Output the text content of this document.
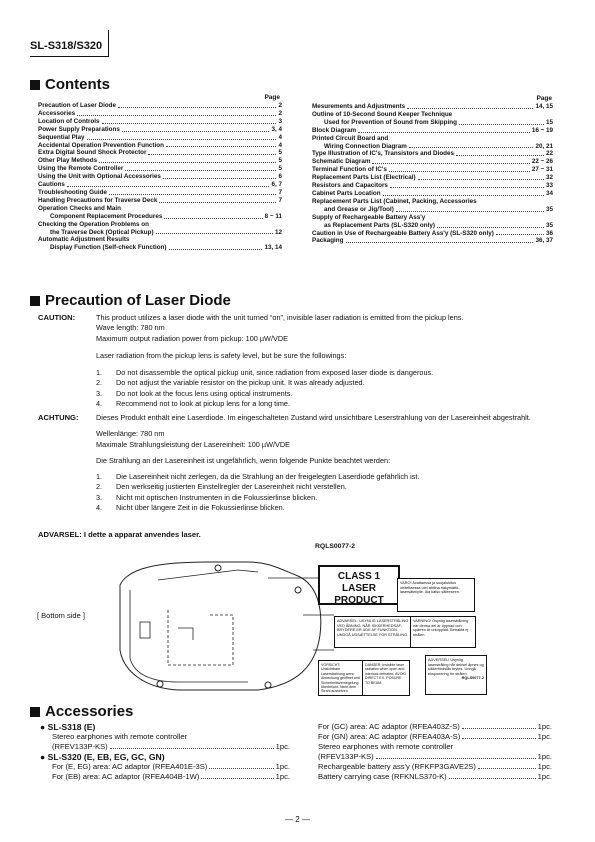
SL-S318/S320
Contents
Page	Page
Precaution of Laser Diode	2
Accessories	2
Location of Controls	3
Power Supply Preparations	3, 4
Sequential Play	4
Accidental Operation Prevention Function	4
Extra Digital Sound Shock Protector	5
Other Play Methods	5
Using the Remote Controller	5
Using the Unit with Optional Accessories	6
Cautions	6, 7
Troubleshooting Guide	7
Handling Precautions for Traverse Deck	7
Operation Checks and Main
Component Replacement Procedures	8 ~ 11
Checking the Operation Problems on
the Traverse Deck (Optical Pickup)	12
Automatic Adjustment Results
Display Function (Self-check Function)	13, 14
Mesurements and Adjustments	14, 15
Outline of 10-Second Sound Keeper Technique
Used for Prevention of Sound from Skipping	15
Block Diagram	16 ~ 19
Printed Circuit Board and
Wiring Connection Diagram	20, 21
Type Illustration of IC's, Transistors and Diodes	22
Schematic Diagram	22 ~ 26
Terminal Function of IC's	27 ~ 31
Replacement Parts List (Electrical)	32
Resistors and Capacitors	33
Cabinet Parts Location	34
Replacement Parts List (Cabinet, Packing, Accessories
and Grease or Jig/Tool)	35
Supply of Rechargeable Battery Ass'y
as Replacement Parts (SL-S320 only)	35
Caution in Use of Rechargeable Battery Ass'y (SL-S320 only)	36
Packaging	36, 37
Precaution of Laser Diode
CAUTION:	This product utilizes a laser diode with the unit turned “on”, invisible laser radiation is emitted from the pickup lens.
Wave length: 780 nm
Maximum output radiation power from pickup: 100 µW/VDE
Laser radiation from the pickup lens is safety level, but be sure the followings:
1.	Do not disassemble the optical pickup unit, since radiation from exposed laser diode is dangerous.
2.	Do not adjust the variable resistor on the pickup unit. It was already adjusted.
3.	Do not look at the focus lens using optical instruments.
4.	Recommend not to look at pickup lens for a long time.
ACHTUNG: Dieses Produkt enthält eine Laserdiode. Im eingeschalteten Zustand wird unsichtbare Leserstrahlung von der Lasereinheit abgestrahlt.
Wellenlänge: 780 nm
Maximale Strahlungsleistung der Lasereinheit: 100 µW/VDE
Die Strahlung an der Lasereinheit ist ungefährlich, wenn folgende Punkte beachtet werden:
1.	Die Lasereinheit nicht zerlegen, da die Strahlung an der freigelegten Laserdiode gefährlich ist.
2.	Den werkseitig justierten Einstellregler der Lasereinheit nicht verstellen.
3.	Nicht mit optischen Instrumenten in die Fokussierlinse blicken.
4.	Nicht über längere Zeit in die Fokussierlinse blicken.
ADVARSEL: I dette a apparat anvendes laser.
RQLS0077-2
[ Bottom side ]
CLASS 1
LASER PRODUCT
VARO! Avattaessa ja suojalukitus ohitettaessa olet alttiina näkymättö- lasersäteilylle. Ala katso säteeseen.
ADVARSEL: USYNLIG LASERSTRÅLING VED ÅBNING, NÅR SIKKERHEDSAF- BRYDERE ER UDE AF FUNKTION. UNDGÅ UDSÆTTELSE FOR STRÅLING.
VARNING! Osynlig laserstrålning när denna del är öppnad och spärren är urkopplad. Betrakta ej strålen.
VORSICHT: Unsichtbare Laserstrahlung wenn Abdeckung geöffnet und Sicherheitsverriegelung überbrückt. Nicht dem Strahl aussetzen.
DANGER: Invisible laser radiation when open and interlock defeated. AVOID DIRECT EX- POSURE TO BEAM.
ADVERSEL! Usynlig laserstråling når deksel åpnes og sikkerhedslås brytes. Unngå eksponering for strålen.
RQLS0077-2
Accessories
● SL-S318 (E)
Stereo earphones with remote controller
(RFEV133P-KS)	1pc.
● SL-S320 (E, EB, EG, GC, GN)
For (E, EG) area: AC adaptor (RFEA401E-3S)	1pc.
For (EB) area: AC adaptor (RFEA404B-1W)	1pc.
For (GC) area: AC adaptor (RFEA403Z-S)	1pc.
For (GN) area: AC adaptor (RFEA403A-S)	1pc.
Stereo earphones with remote controller
(RFEV133P-KS)	1pc.
Rechargeable battery ass'y (RFKFP3GAVE2S)	1pc.
Battery carrying case (RFKNLS370-K)	1pc.
— 2 —
